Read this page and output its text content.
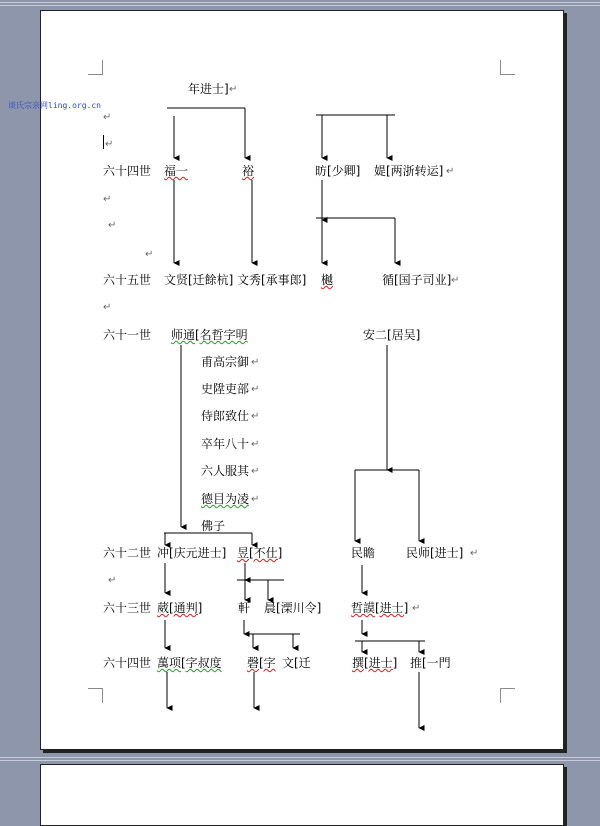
谈氏宗亲网ling.org.cn
年进士] ↵
↵
↵
六十四世 福一	裕	昉[少卿] 媞[两浙转运] ↵
↵
↵
↵
六十五世 文贤[迁餘杭] 文秀[承事郎] 樾	循[国子司业] ↵
↵
六十一世 师通[名哲字明	安二[居吴]
甫高宗御 ↵
史陞吏部 ↵
侍郎致仕 ↵
卒年八十 ↵
六人服其 ↵
德目为凌 ↵
佛子
六十二世 冲[庆元进士] 昱[不仕]	民瞻	民师[进士] ↵
↵
六十三世 葳[通判]	軒 晨[溧川令] 哲謨[进士] ↵
六十四世 萬项[字叔度 磬[字 文[迁	撰[进士] 推[一門
